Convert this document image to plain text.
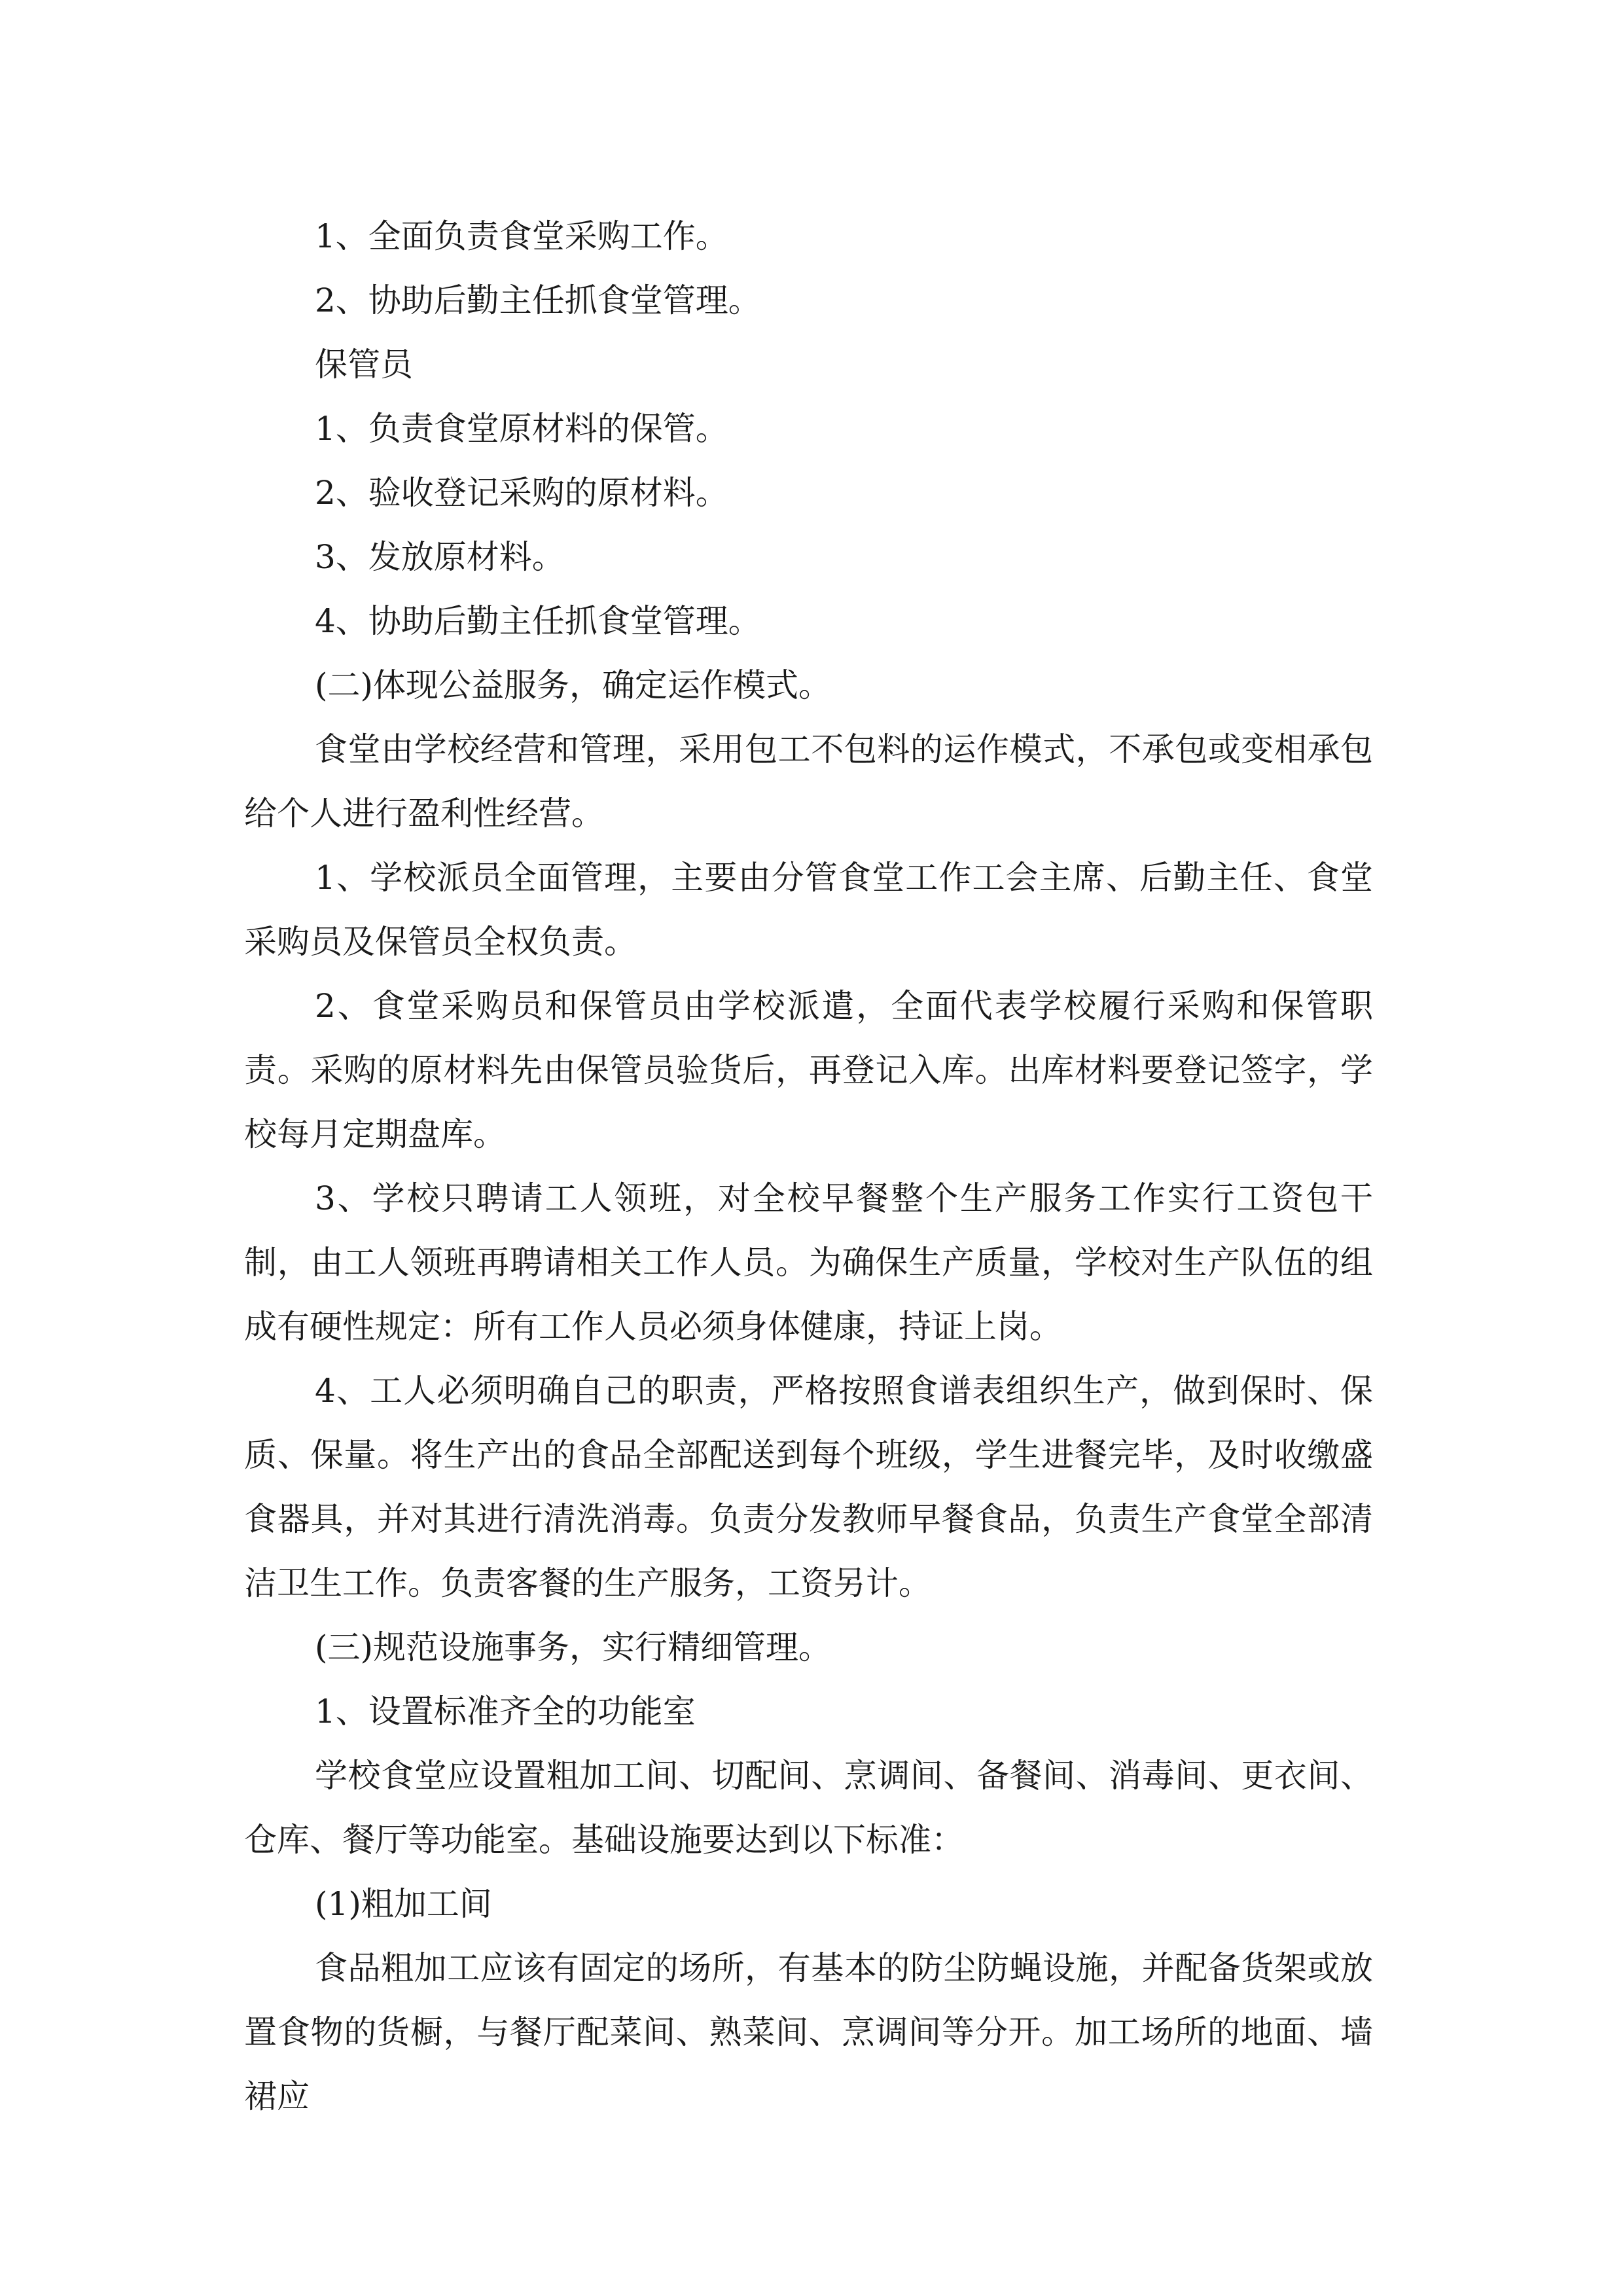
1、全面负责食堂采购工作。

2、协助后勤主任抓食堂管理。

保管员

1、负责食堂原材料的保管。

2、验收登记采购的原材料。

3、发放原材料。

4、协助后勤主任抓食堂管理。

(二)体现公益服务，确定运作模式。

食堂由学校经营和管理，采用包工不包料的运作模式，不承包或变相承包给个人进行盈利性经营。

1、学校派员全面管理，主要由分管食堂工作工会主席、后勤主任、食堂采购员及保管员全权负责。

2、食堂采购员和保管员由学校派遣，全面代表学校履行采购和保管职责。采购的原材料先由保管员验货后，再登记入库。出库材料要登记签字，学校每月定期盘库。

3、学校只聘请工人领班，对全校早餐整个生产服务工作实行工资包干制，由工人领班再聘请相关工作人员。为确保生产质量，学校对生产队伍的组成有硬性规定：所有工作人员必须身体健康，持证上岗。

4、工人必须明确自己的职责，严格按照食谱表组织生产，做到保时、保质、保量。将生产出的食品全部配送到每个班级，学生进餐完毕，及时收缴盛食器具，并对其进行清洗消毒。负责分发教师早餐食品，负责生产食堂全部清洁卫生工作。负责客餐的生产服务，工资另计。

(三)规范设施事务，实行精细管理。

1、设置标准齐全的功能室

学校食堂应设置粗加工间、切配间、烹调间、备餐间、消毒间、更衣间、仓库、餐厅等功能室。基础设施要达到以下标准：

(1)粗加工间

食品粗加工应该有固定的场所，有基本的防尘防蝇设施，并配备货架或放置食物的货橱，与餐厅配菜间、熟菜间、烹调间等分开。加工场所的地面、墙裙应
